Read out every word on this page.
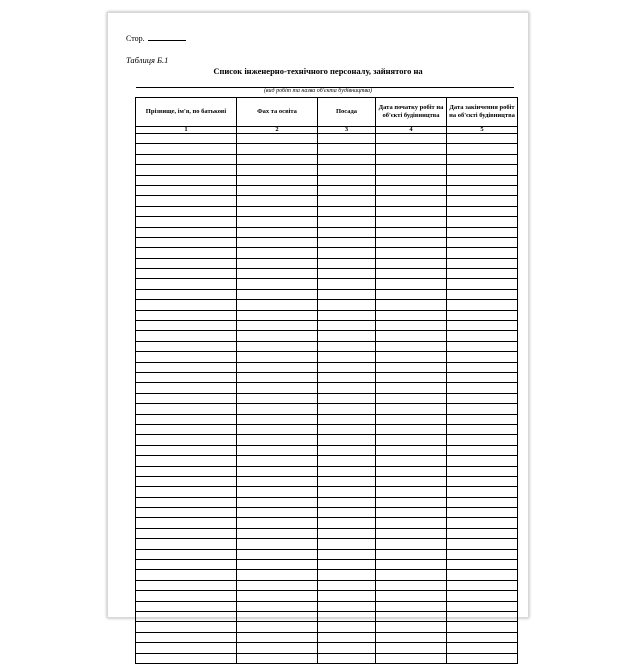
Стор.
Таблиця Б.1
Список інженерно-технічного персоналу, зайнятого на
(вид робіт та назва об'єкта будівництва)
Прізвище, ім'я, по батькові	Фах та освіта	Посада	Дата початку робіт на об'єкті будівництва	Дата закінчення робіт на об'єкті будівництва
1	2	3	4	5
